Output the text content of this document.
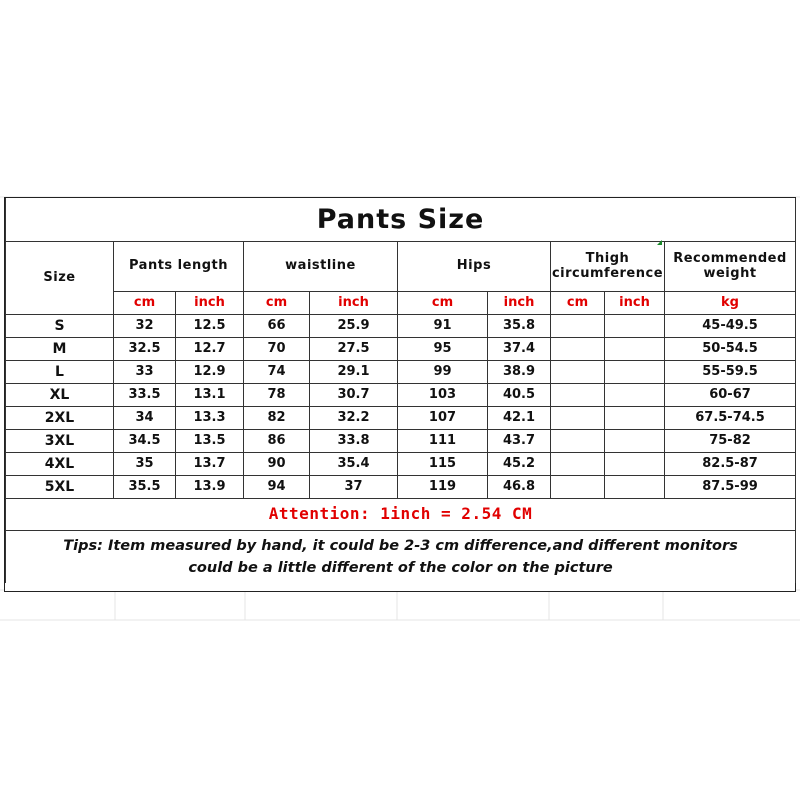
Pants Size									
Size	Pants length		waistline		Hips		Thigh circumference		Recommended weight
	cm	inch	cm	inch	cm	inch	cm	inch	kg
S	32	12.5	66	25.9	91	35.8			45-49.5
M	32.5	12.7	70	27.5	95	37.4			50-54.5
L	33	12.9	74	29.1	99	38.9			55-59.5
XL	33.5	13.1	78	30.7	103	40.5			60-67
2XL	34	13.3	82	32.2	107	42.1			67.5-74.5
3XL	34.5	13.5	86	33.8	111	43.7			75-82
4XL	35	13.7	90	35.4	115	45.2			82.5-87
5XL	35.5	13.9	94	37	119	46.8			87.5-99
Attention: 1inch = 2.54 CM									

Tips: Item measured by hand, it could be 2-3 cm difference,and different monitors
could be a little different of the color on the picture									
